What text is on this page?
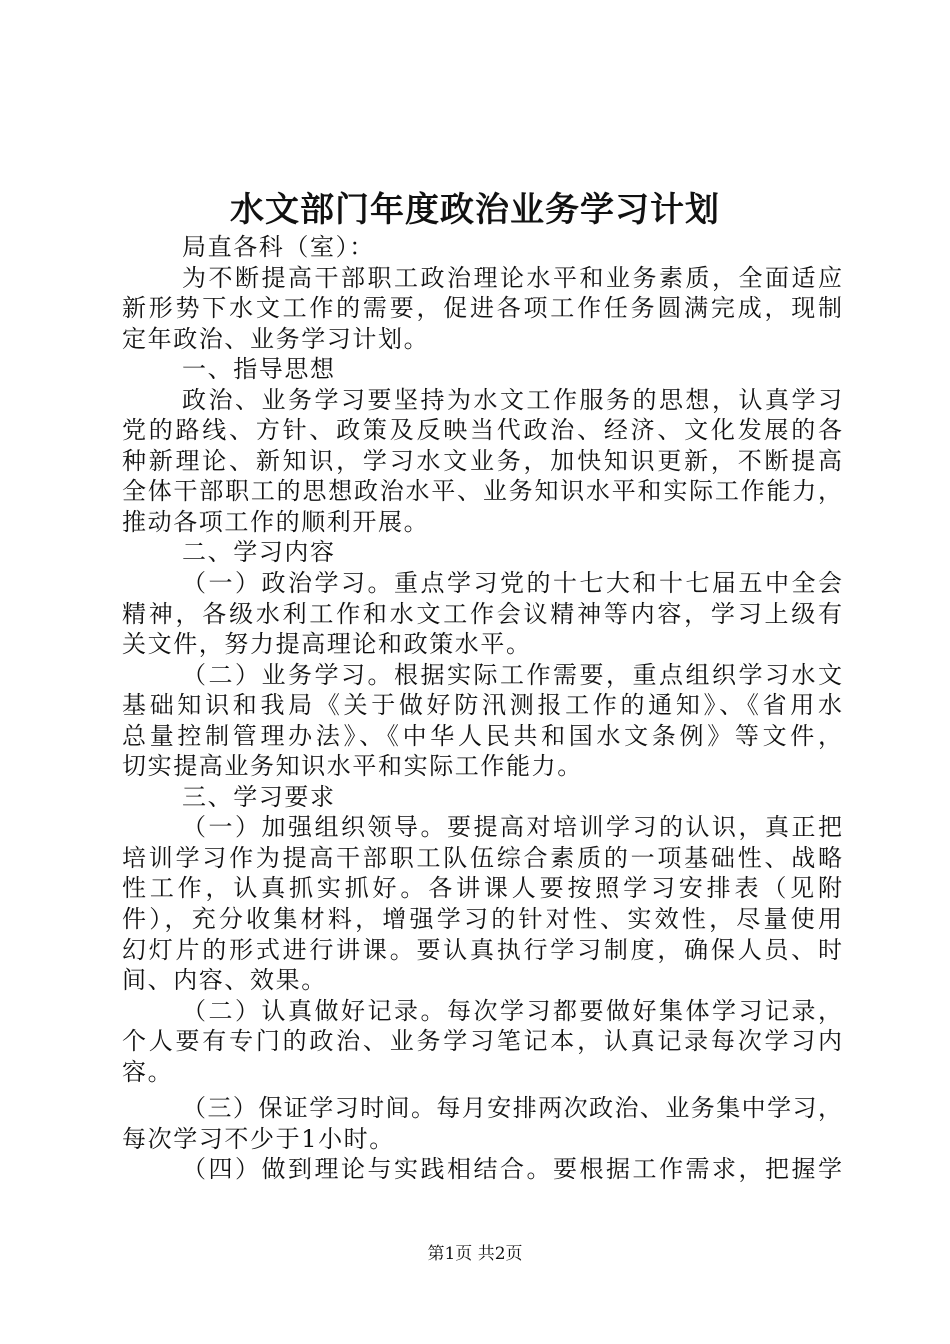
水文部门年度政治业务学习计划
局直各科（室）：
为不断提高干部职工政治理论水平和业务素质，全面适应
新形势下水文工作的需要，促进各项工作任务圆满完成，现制
定年政治、业务学习计划。
一、指导思想
政治、业务学习要坚持为水文工作服务的思想，认真学习
党的路线、方针、政策及反映当代政治、经济、文化发展的各
种新理论、新知识，学习水文业务，加快知识更新，不断提高
全体干部职工的思想政治水平、业务知识水平和实际工作能力，
推动各项工作的顺利开展。
二、学习内容
（一）政治学习。重点学习党的十七大和十七届五中全会
精神，各级水利工作和水文工作会议精神等内容，学习上级有
关文件，努力提高理论和政策水平。
（二）业务学习。根据实际工作需要，重点组织学习水文
基础知识和我局《关于做好防汛测报工作的通知》、《省用水
总量控制管理办法》、《中华人民共和国水文条例》等文件，
切实提高业务知识水平和实际工作能力。
三、学习要求
（一）加强组织领导。要提高对培训学习的认识，真正把
培训学习作为提高干部职工队伍综合素质的一项基础性、战略
性工作，认真抓实抓好。各讲课人要按照学习安排表（见附
件），充分收集材料，增强学习的针对性、实效性，尽量使用
幻灯片的形式进行讲课。要认真执行学习制度，确保人员、时
间、内容、效果。
（二）认真做好记录。每次学习都要做好集体学习记录，
个人要有专门的政治、业务学习笔记本，认真记录每次学习内
容。
（三）保证学习时间。每月安排两次政治、业务集中学习，
每次学习不少于1小时。
（四）做到理论与实践相结合。要根据工作需求，把握学
第1页 共2页
